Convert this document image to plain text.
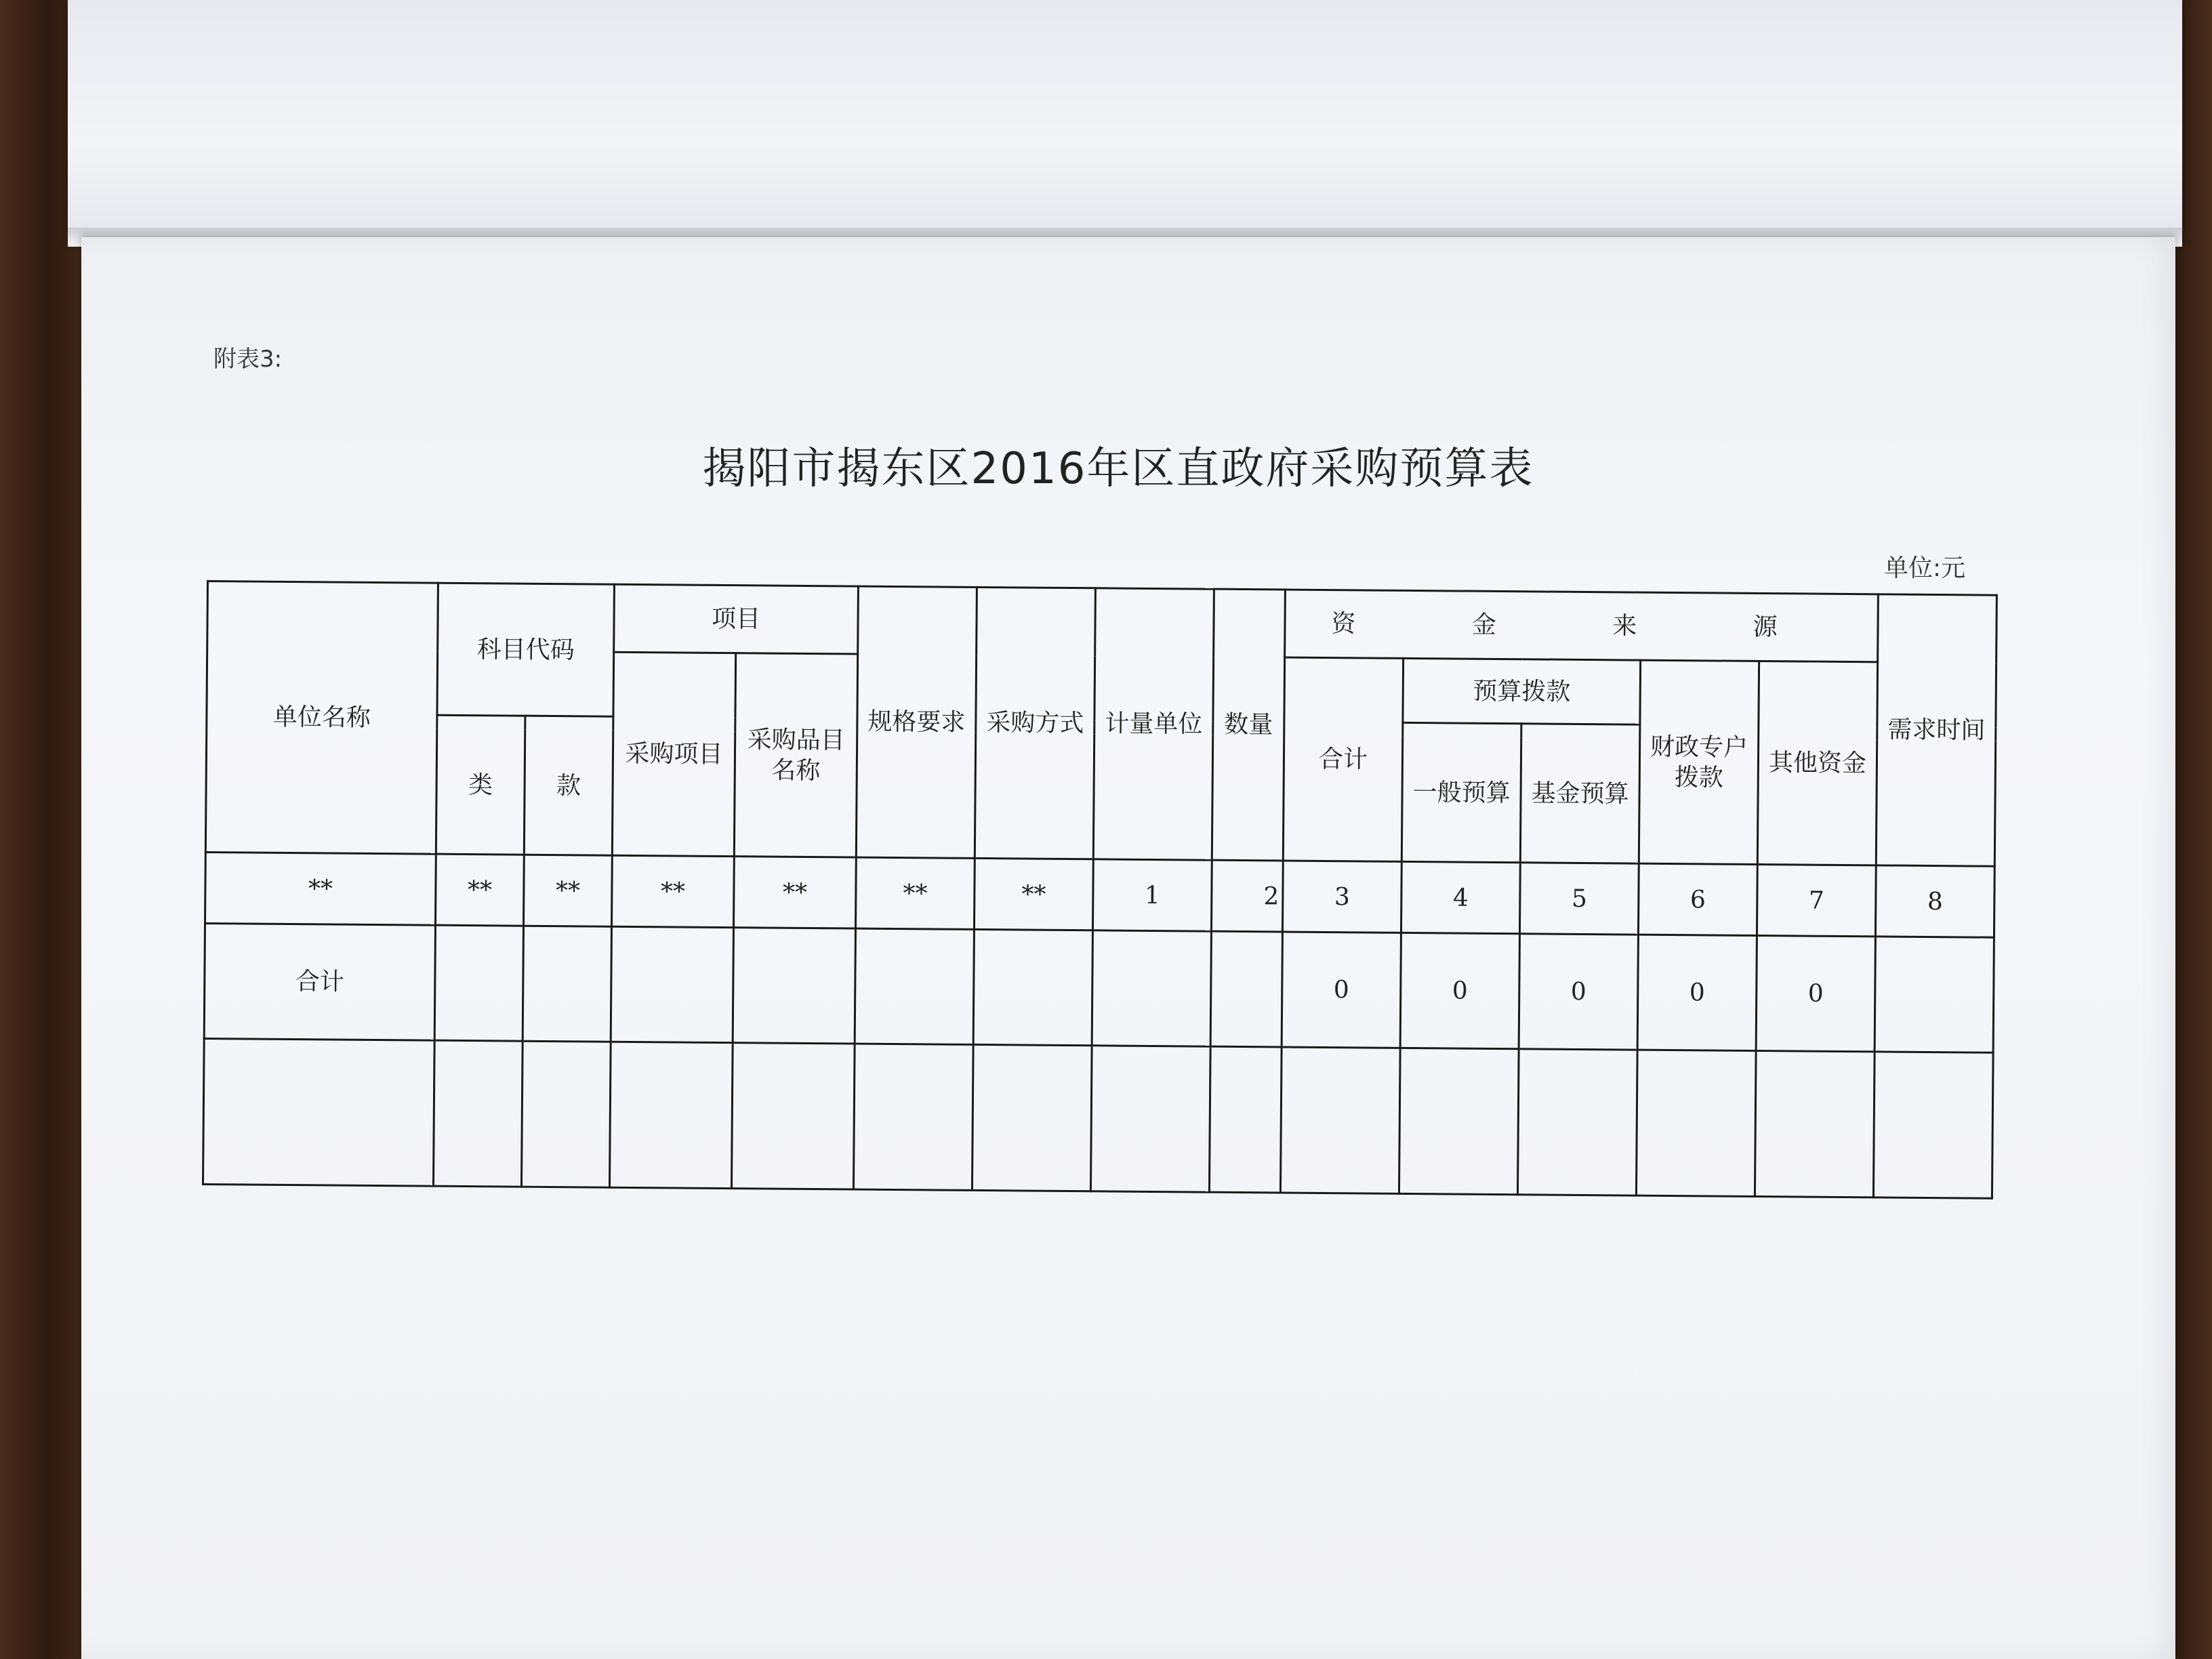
附表3:
揭阳市揭东区2016年区直政府采购预算表
单位:元
单位名称	科目代码		项目		规格要求	采购方式	计量单位	数量	资 金 来 源					需求时间
			采购项目	采购品目名称					合计	预算拨款		财政专户拨款	其他资金	
	类	款								一般预算	基金预算			

**	**	**	**	**	**	**	1	2	3	4	5	6	7	8
合计									0	0	0	0	0	
